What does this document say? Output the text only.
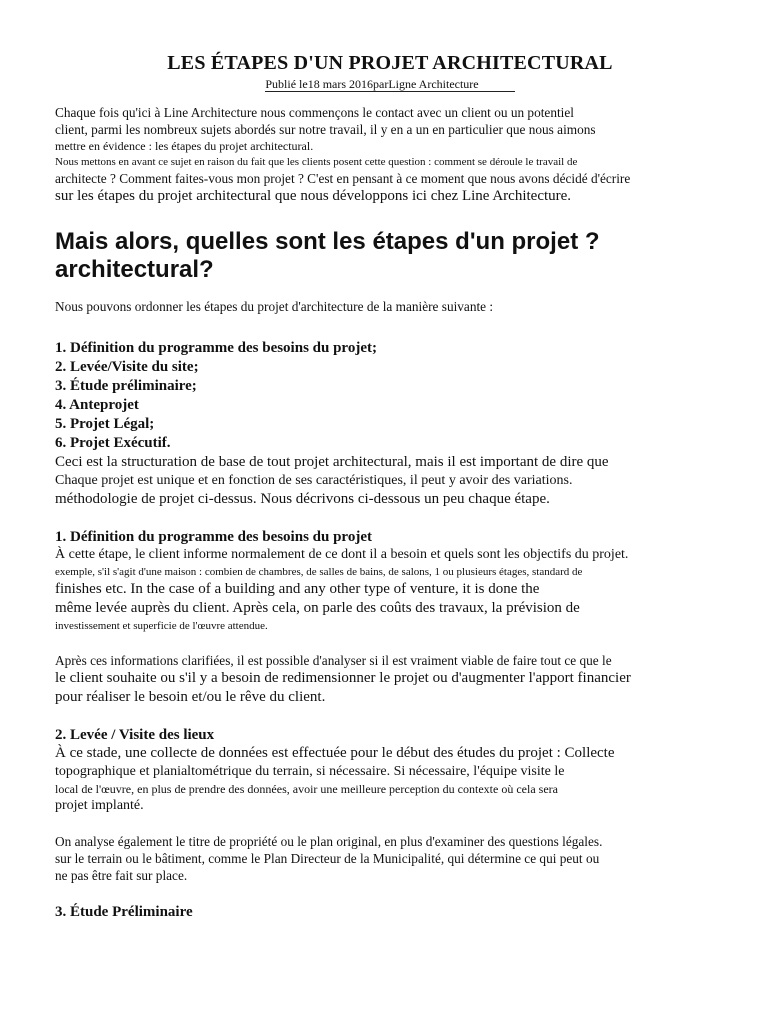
LES ÉTAPES D'UN PROJET ARCHITECTURAL
Publié le18 mars 2016parLigne Architecture
Chaque fois qu'ici à Line Architecture nous commençons le contact avec un client ou un potentiel
client, parmi les nombreux sujets abordés sur notre travail, il y en a un en particulier que nous aimons
mettre en évidence : les étapes du projet architectural.
Nous mettons en avant ce sujet en raison du fait que les clients posent cette question : comment se déroule le travail de
architecte ? Comment faites-vous mon projet ? C'est en pensant à ce moment que nous avons décidé d'écrire
sur les étapes du projet architectural que nous développons ici chez Line Architecture.
Mais alors, quelles sont les étapes d'un projet ?
architectural?
Nous pouvons ordonner les étapes du projet d'architecture de la manière suivante :
1. Définition du programme des besoins du projet;
2. Levée/Visite du site;
3. Étude préliminaire;
4. Anteprojet
5. Projet Légal;
6. Projet Exécutif.
Ceci est la structuration de base de tout projet architectural, mais il est important de dire que
Chaque projet est unique et en fonction de ses caractéristiques, il peut y avoir des variations.
méthodologie de projet ci-dessus. Nous décrivons ci-dessous un peu chaque étape.
1. Définition du programme des besoins du projet
À cette étape, le client informe normalement de ce dont il a besoin et quels sont les objectifs du projet.
exemple, s'il s'agit d'une maison : combien de chambres, de salles de bains, de salons, 1 ou plusieurs étages, standard de
finishes etc. In the case of a building and any other type of venture, it is done the
même levée auprès du client. Après cela, on parle des coûts des travaux, la prévision de
investissement et superficie de l'œuvre attendue.
Après ces informations clarifiées, il est possible d'analyser si il est vraiment viable de faire tout ce que le
le client souhaite ou s'il y a besoin de redimensionner le projet ou d'augmenter l'apport financier
pour réaliser le besoin et/ou le rêve du client.
2. Levée / Visite des lieux
À ce stade, une collecte de données est effectuée pour le début des études du projet : Collecte
topographique et planialtométrique du terrain, si nécessaire. Si nécessaire, l'équipe visite le
local de l'œuvre, en plus de prendre des données, avoir une meilleure perception du contexte où cela sera
projet implanté.
On analyse également le titre de propriété ou le plan original, en plus d'examiner des questions légales.
sur le terrain ou le bâtiment, comme le Plan Directeur de la Municipalité, qui détermine ce qui peut ou
ne pas être fait sur place.
3. Étude Préliminaire
